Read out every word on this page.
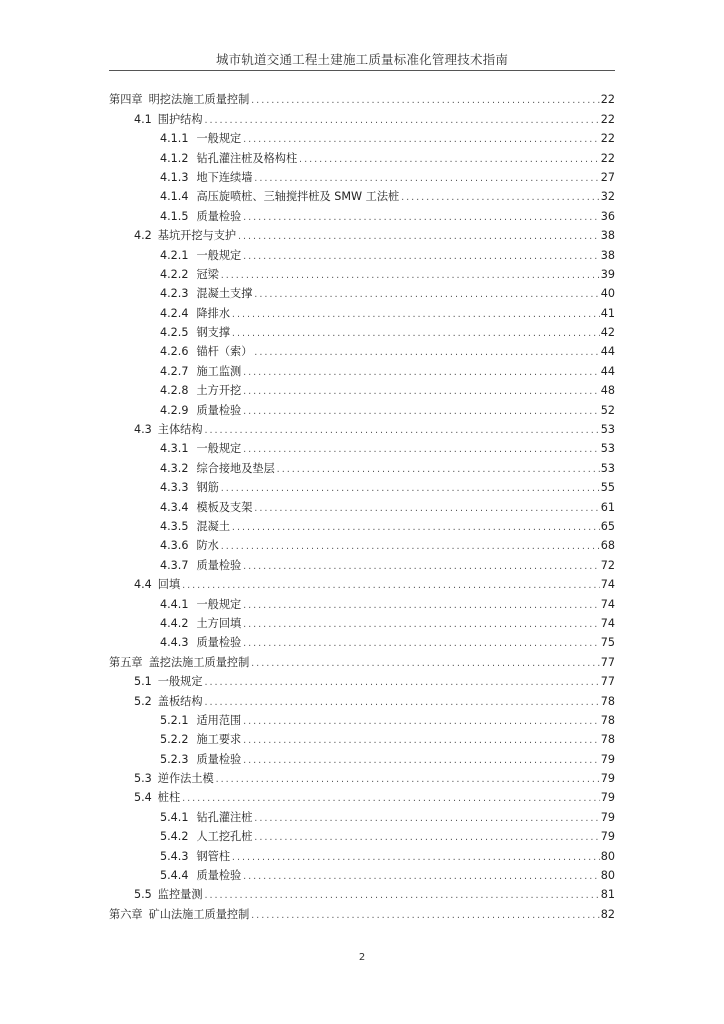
城市轨道交通工程土建施工质量标准化管理技术指南
第四章 明挖法施工质量控制 .....	22
4.1 围护结构 .....	22
4.1.1 一般规定 .....	22
4.1.2 钻孔灌注桩及格构柱 .....	22
4.1.3 地下连续墙 .....	27
4.1.4 高压旋喷桩、三轴搅拌桩及 SMW 工法桩 .....	32
4.1.5 质量检验 .....	36
4.2 基坑开挖与支护 .....	38
4.2.1 一般规定 .....	38
4.2.2 冠梁 .....	39
4.2.3 混凝土支撑 .....	40
4.2.4 降排水 .....	41
4.2.5 钢支撑 .....	42
4.2.6 锚杆（索） .....	44
4.2.7 施工监测 .....	44
4.2.8 土方开挖 .....	48
4.2.9 质量检验 .....	52
4.3 主体结构 .....	53
4.3.1 一般规定 .....	53
4.3.2 综合接地及垫层 .....	53
4.3.3 钢筋 .....	55
4.3.4 模板及支架 .....	61
4.3.5 混凝土 .....	65
4.3.6 防水 .....	68
4.3.7 质量检验 .....	72
4.4 回填 .....	74
4.4.1 一般规定 .....	74
4.4.2 土方回填 .....	74
4.4.3 质量检验 .....	75
第五章 盖挖法施工质量控制 .....	77
5.1 一般规定 .....	77
5.2 盖板结构 .....	78
5.2.1 适用范围 .....	78
5.2.2 施工要求 .....	78
5.2.3 质量检验 .....	79
5.3 逆作法土模 .....	79
5.4 桩柱 .....	79
5.4.1 钻孔灌注桩 .....	79
5.4.2 人工挖孔桩 .....	79
5.4.3 钢管柱 .....	80
5.4.4 质量检验 .....	80
5.5 监控量测 .....	81
第六章 矿山法施工质量控制 .....	82
2
